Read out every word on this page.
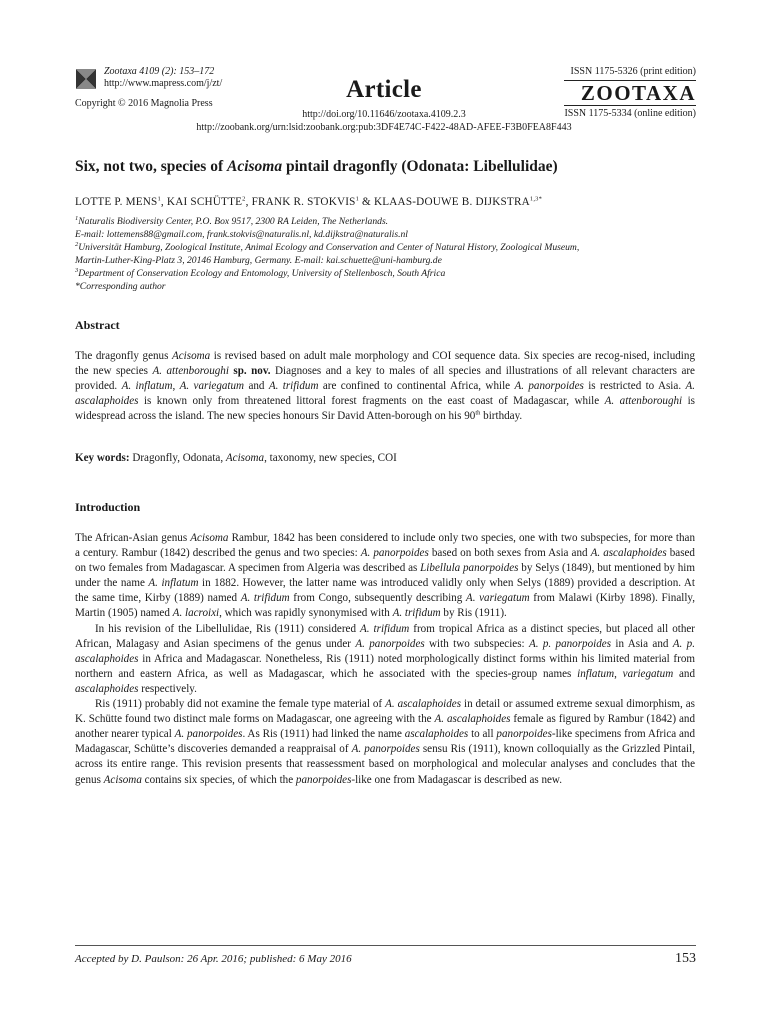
Zootaxa 4109 (2): 153–172
http://www.mapress.com/j/zt/
Copyright © 2016 Magnolia Press
Article
ISSN 1175-5326 (print edition)
ZOOTAXA
ISSN 1175-5334 (online edition)
http://doi.org/10.11646/zootaxa.4109.2.3
http://zoobank.org/urn:lsid:zoobank.org:pub:3DF4E74C-F422-48AD-AFEE-F3B0FEA8F443
Six, not two, species of Acisoma pintail dragonfly (Odonata: Libellulidae)
LOTTE P. MENS$^1$, KAI SCHÜTTE$^2$, FRANK R. STOKVIS$^1$ & KLAAS-DOUWE B. $DIJKSTRA^{1,3*}$
$^1$Naturalis Biodiversity Center, P.O. Box 9517, 2300 RA Leiden, The Netherlands.
E-mail: lottemens88@gmail.com, frank.stokvis@naturalis.nl, kd.dijkstra@naturalis.nl
$^2$Universität Hamburg, Zoological Institute, Animal Ecology and Conservation and Center of Natural History, Zoological Museum,
Martin-Luther-King-Platz 3, 20146 Hamburg, Germany. E-mail: kai.schuette@uni-hamburg.de
$^3$Department of Conservation Ecology and Entomology, University of Stellenbosch, South Africa
*Corresponding author
Abstract
The dragonfly genus Acisoma is revised based on adult male morphology and COI sequence data. Six species are recog-nised, including the new species A. attenboroughi sp. nov. Diagnoses and a key to males of all species and illustrations of all relevant characters are provided. A. inflatum, A. variegatum and A. trifidum are confined to continental Africa, while A. panorpoides is restricted to Asia. A. ascalaphoides is known only from threatened littoral forest fragments on the east coast of Madagascar, while A. attenboroughi is widespread across the island. The new species honours Sir David Atten-borough on his 90th birthday.
Key words: Dragonfly, Odonata, Acisoma, taxonomy, new species, COI
Introduction
The African-Asian genus Acisoma Rambur, 1842 has been considered to include only two species, one with two subspecies, for more than a century. Rambur (1842) described the genus and two species: A. panorpoides based on both sexes from Asia and A. ascalaphoides based on two females from Madagascar. A specimen from Algeria was described as Libellula panorpoides by Selys (1849), but mentioned by him under the name A. inflatum in 1882. However, the latter name was introduced validly only when Selys (1889) provided a description. At the same time, Kirby (1889) named A. trifidum from Congo, subsequently describing A. variegatum from Malawi (Kirby 1898). Finally, Martin (1905) named A. lacroixi, which was rapidly synonymised with A. trifidum by Ris (1911).
In his revision of the Libellulidae, Ris (1911) considered A. trifidum from tropical Africa as a distinct species, but placed all other African, Malagasy and Asian specimens of the genus under A. panorpoides with two subspecies: A. p. panorpoides in Asia and A. p. ascalaphoides in Africa and Madagascar. Nonetheless, Ris (1911) noted morphologically distinct forms within his limited material from northern and eastern Africa, as well as Madagascar, which he associated with the species-group names inflatum, variegatum and ascalaphoides respectively.
Ris (1911) probably did not examine the female type material of A. ascalaphoides in detail or assumed extreme sexual dimorphism, as K. Schütte found two distinct male forms on Madagascar, one agreeing with the A. ascalaphoides female as figured by Rambur (1842) and another nearer typical A. panorpoides. As Ris (1911) had linked the name ascalaphoides to all panorpoides-like specimens from Africa and Madagascar, Schütte’s discoveries demanded a reappraisal of A. panorpoides sensu Ris (1911), known colloquially as the Grizzled Pintail, across its entire range. This revision presents that reassessment based on morphological and molecular analyses and concludes that the genus Acisoma contains six species, of which the panorpoides-like one from Madagascar is described as new.
Accepted by D. Paulson: 26 Apr. 2016; published: 6 May 2016	153
